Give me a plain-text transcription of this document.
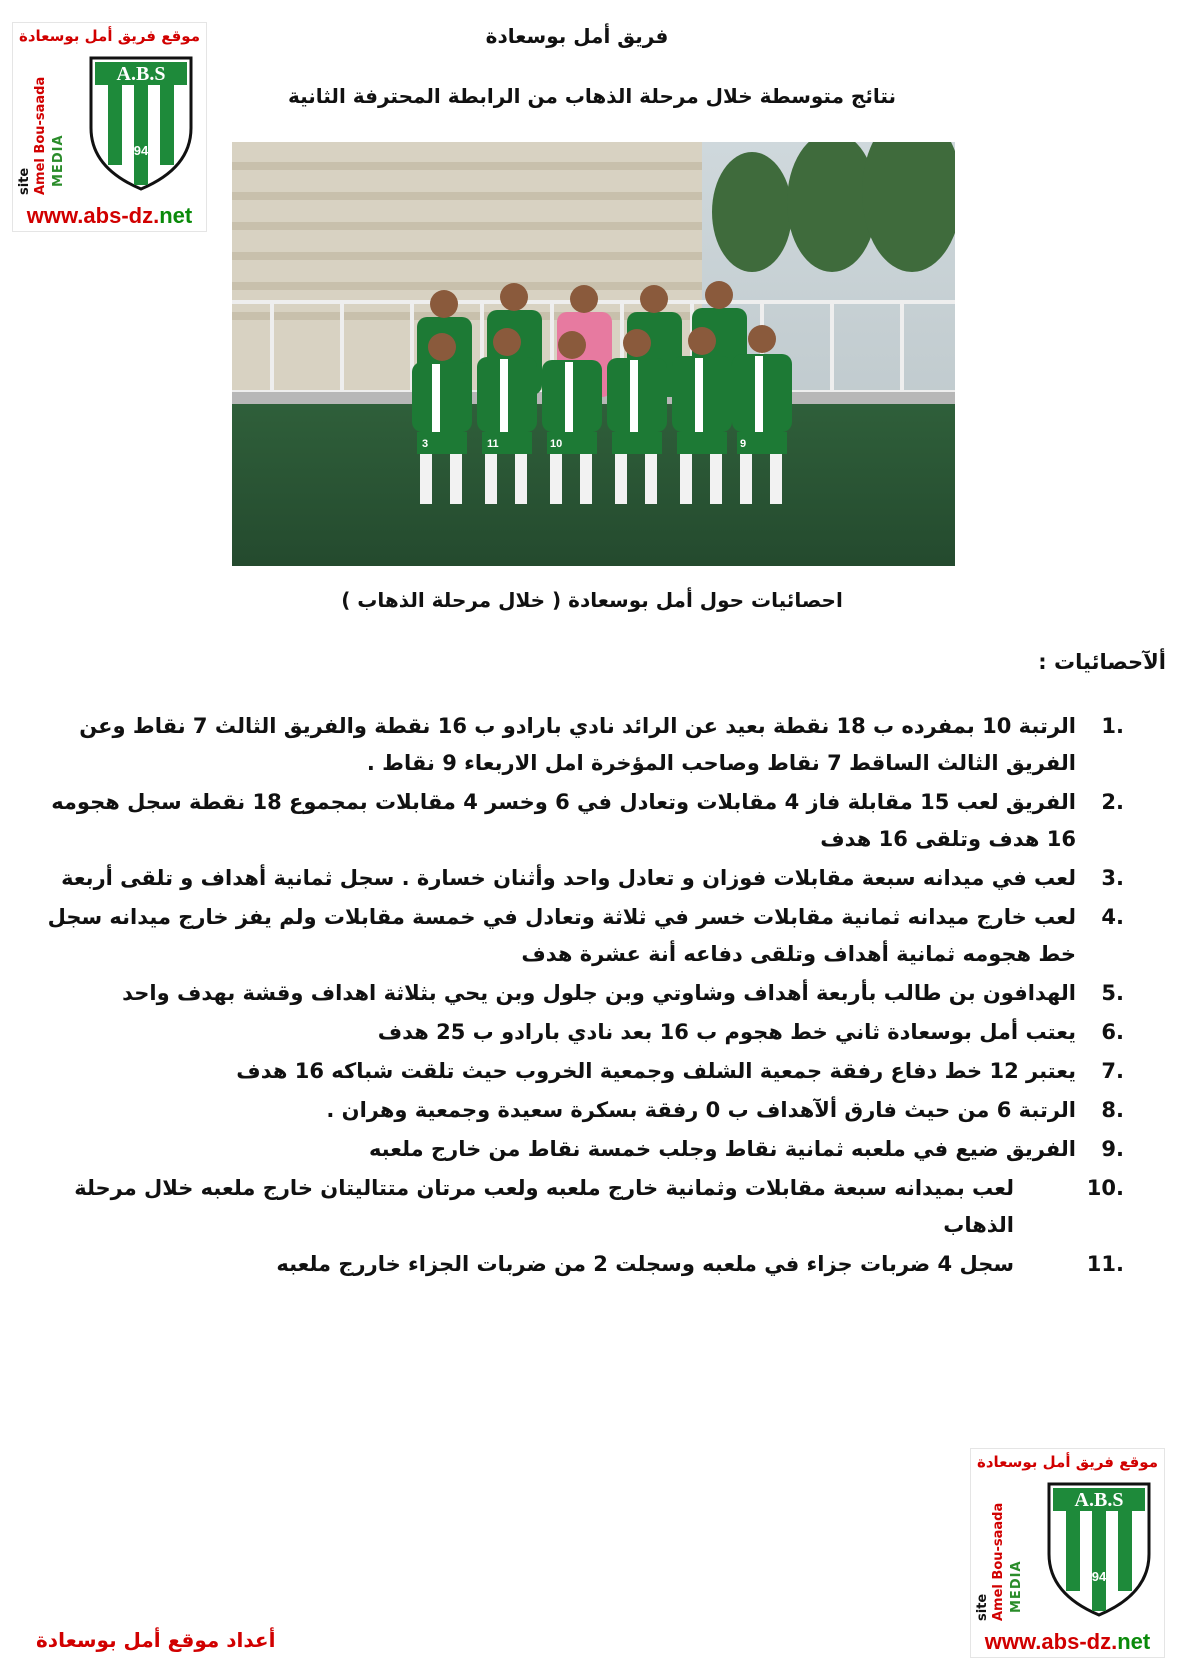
موقع فريق أمل بوسعادة
site Amel Bou-saada MEDIA
A.B.S
1940
www.abs-dz.net
فريق أمل بوسعادة
نتائج متوسطة خلال مرحلة الذهاب من الرابطة المحترفة الثانية
3	11	10	9
احصائيات حول أمل بوسعادة ( خلال مرحلة الذهاب )
ألآحصائيات :
1.
الرتبة 10 بمفرده ب 18 نقطة بعيد عن الرائد نادي بارادو ب 16 نقطة والفريق الثالث 7 نقاط وعن الفريق الثالث الساقط 7 نقاط وصاحب المؤخرة امل الاربعاء 9 نقاط .
2.
الفريق لعب 15 مقابلة فاز 4 مقابلات وتعادل في 6 وخسر 4 مقابلات بمجموع 18 نقطة سجل هجومه 16 هدف وتلقى 16 هدف
3.
لعب في ميدانه سبعة مقابلات فوزان و تعادل واحد وأثنان خسارة . سجل ثمانية أهداف و تلقى أربعة
4.
لعب خارج ميدانه ثمانية مقابلات خسر في ثلاثة وتعادل في خمسة مقابلات ولم يفز خارج ميدانه سجل خط هجومه ثمانية أهداف وتلقى دفاعه أنة عشرة هدف
5.
الهدافون بن طالب بأربعة أهداف وشاوتي وبن جلول وبن يحي بثلاثة اهداف وقشة بهدف واحد
6.
يعتب أمل بوسعادة ثاني خط هجوم ب 16 بعد نادي بارادو ب 25 هدف
7.
يعتبر 12 خط دفاع رفقة جمعية الشلف وجمعية الخروب حيث تلقت شباكه 16 هدف
8.
الرتبة 6 من حيث فارق ألآهداف ب 0 رفقة بسكرة سعيدة وجمعية وهران .
9.
الفريق ضيع في ملعبه ثمانية نقاط وجلب خمسة نقاط من خارج ملعبه
10.
لعب بميدانه سبعة مقابلات وثمانية خارج ملعبه ولعب مرتان متتاليتان خارج ملعبه خلال مرحلة الذهاب
11.
سجل 4 ضربات جزاء في ملعبه وسجلت 2 من ضربات الجزاء خاررج ملعبه
موقع فريق أمل بوسعادة
site Amel Bou-saada MEDIA
A.B.S
1940
www.abs-dz.net
أعداد موقع أمل بوسعادة
